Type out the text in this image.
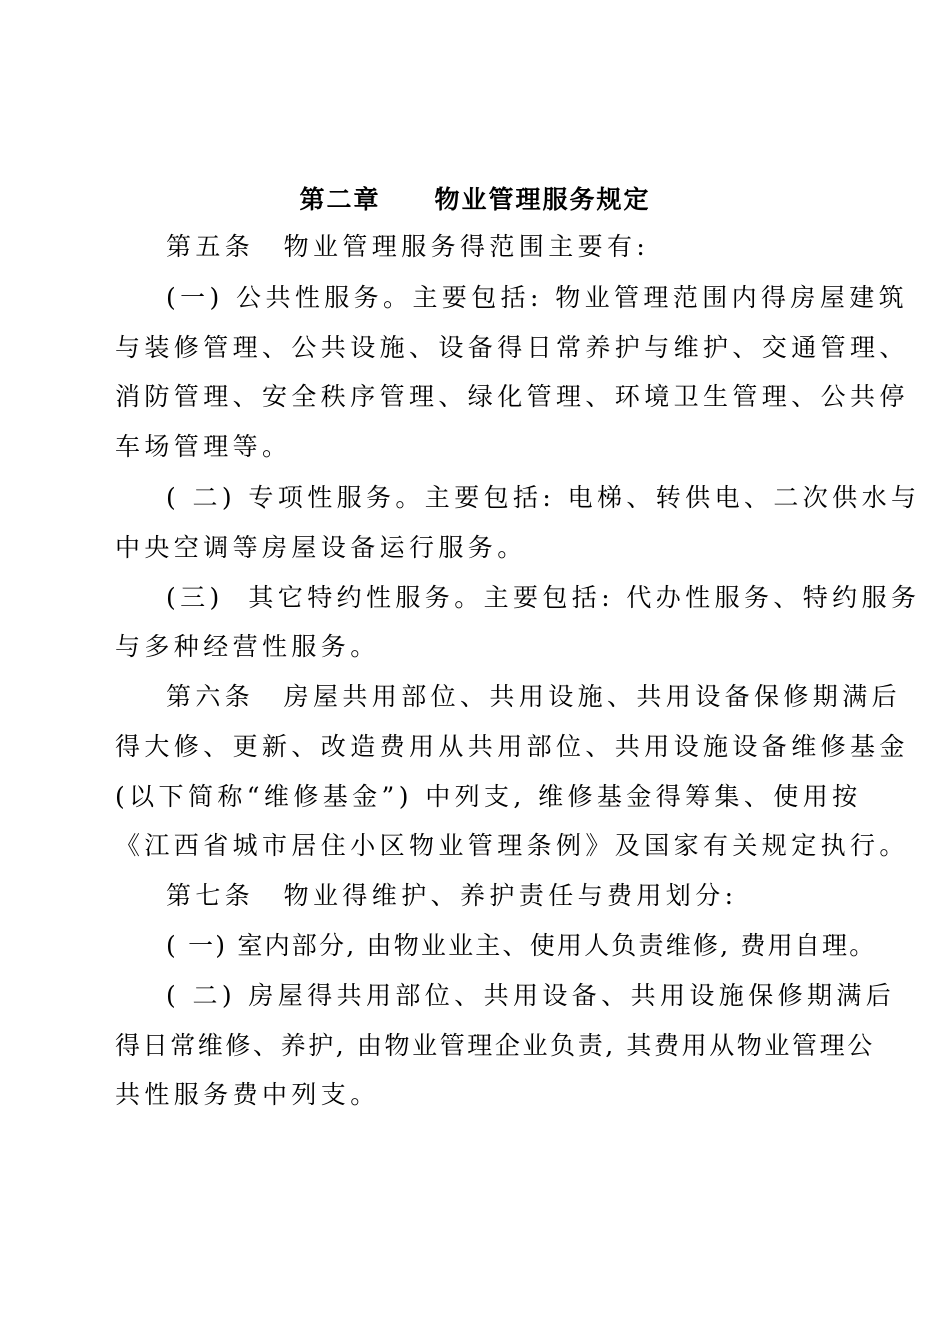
第二章　　物业管理服务规定
第五条　物业管理服务得范围主要有:
(一) 公共性服务。主要包括: 物业管理范围内得房屋建筑
与装修管理、公共设施、设备得日常养护与维护、交通管理、
消防管理、安全秩序管理、绿化管理、环境卫生管理、公共停
车场管理等。
( 二) 专项性服务。主要包括: 电梯、转供电、二次供水与
中央空调等房屋设备运行服务。
(三)  其它特约性服务。主要包括: 代办性服务、特约服务
与多种经营性服务。
第六条　房屋共用部位、共用设施、共用设备保修期满后
得大修、更新、改造费用从共用部位、共用设施设备维修基金
(以下简称“维修基金”) 中列支, 维修基金得筹集、使用按
《江西省城市居住小区物业管理条例》及国家有关规定执行。
第七条　物业得维护、养护责任与费用划分:
( 一) 室内部分, 由物业业主、使用人负责维修, 费用自理。
( 二) 房屋得共用部位、共用设备、共用设施保修期满后
得日常维修、养护, 由物业管理企业负责, 其费用从物业管理公
共性服务费中列支。
